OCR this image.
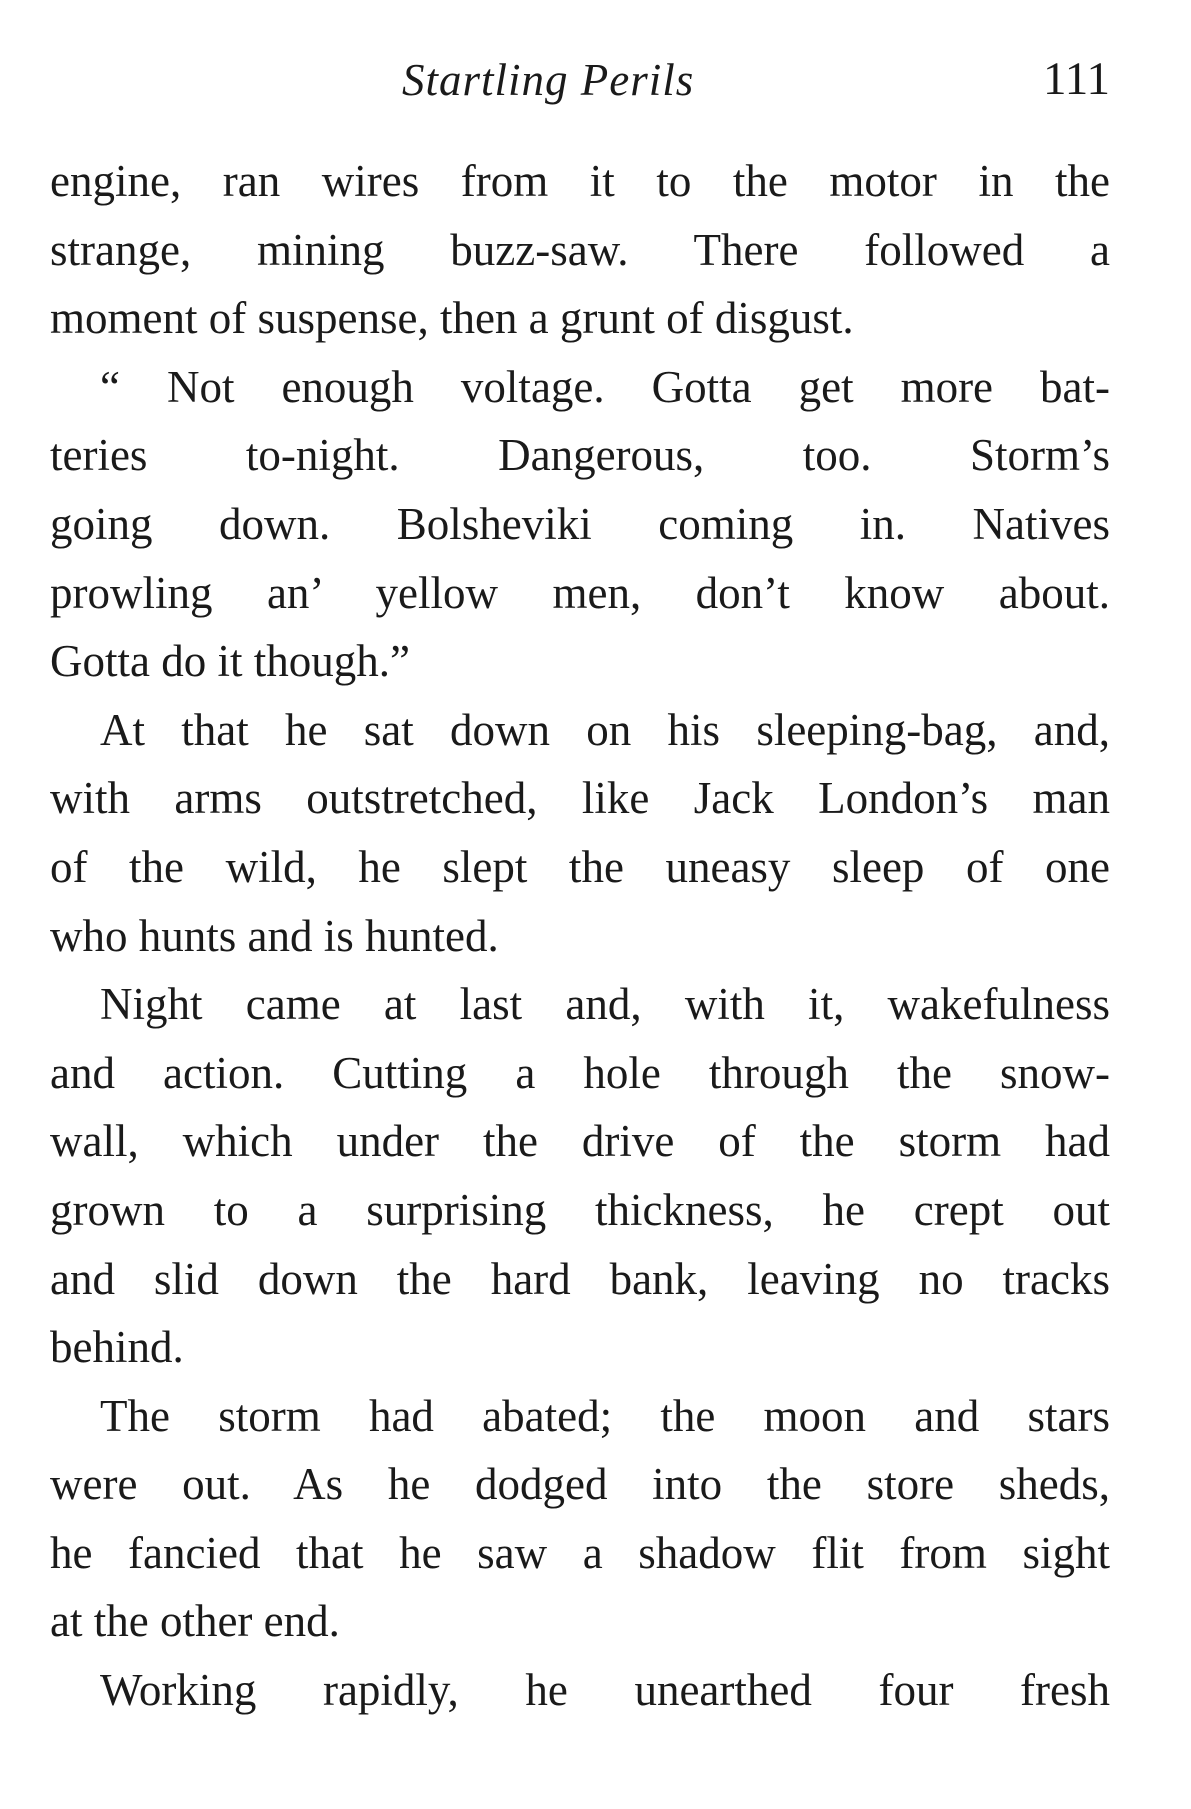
Startling Perils	111
engine, ran wires from it to the motor in the
strange, mining buzz-saw. There followed a
moment of suspense, then a grunt of disgust.
“ Not enough voltage. Gotta get more bat-
teries to-night. Dangerous, too. Storm’s
going down. Bolsheviki coming in. Natives
prowling an’ yellow men, don’t know about.
Gotta do it though.”
At that he sat down on his sleeping-bag, and,
with arms outstretched, like Jack London’s man
of the wild, he slept the uneasy sleep of one
who hunts and is hunted.
Night came at last and, with it, wakefulness
and action. Cutting a hole through the snow-
wall, which under the drive of the storm had
grown to a surprising thickness, he crept out
and slid down the hard bank, leaving no tracks
behind.
The storm had abated; the moon and stars
were out. As he dodged into the store sheds,
he fancied that he saw a shadow flit from sight
at the other end.
Working rapidly, he unearthed four fresh
